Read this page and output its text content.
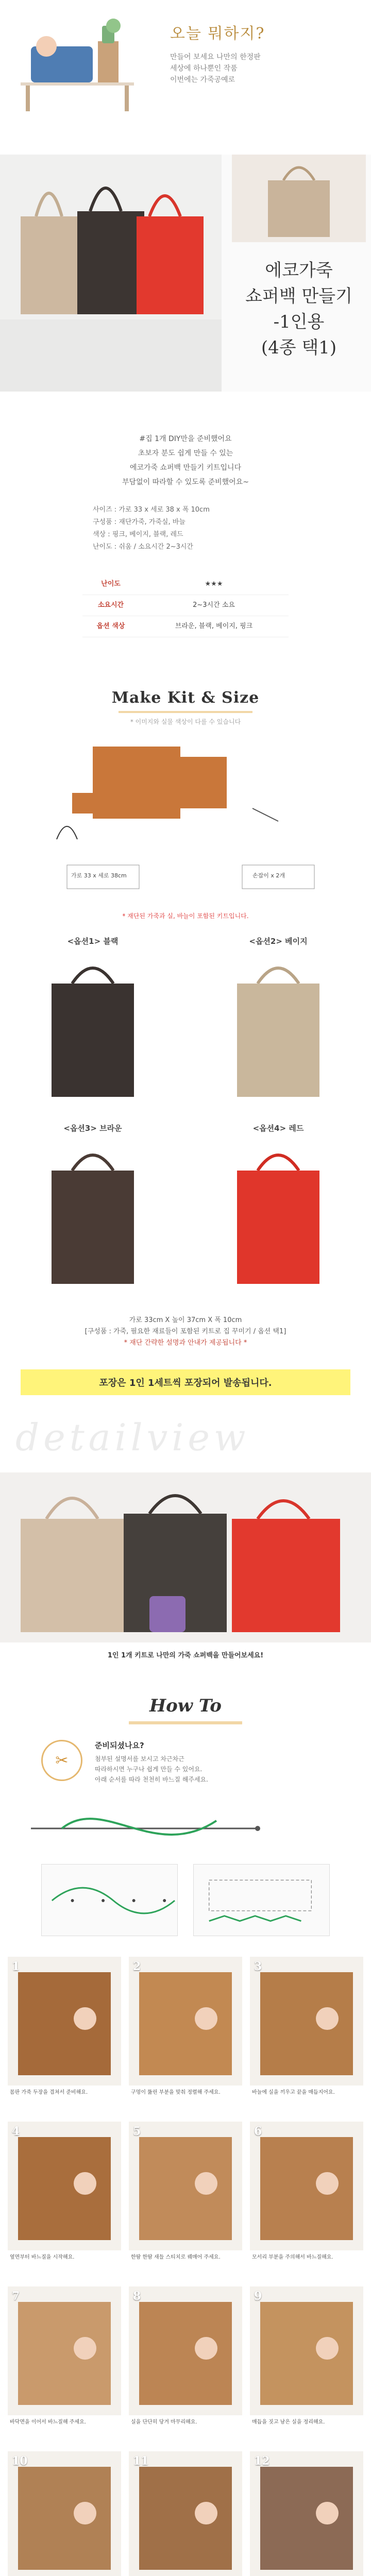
오늘 뭐하지?
만들어 보세요 나만의 한정판
세상에 하나뿐인 작품
이번에는 가죽공예로
에코가죽
쇼퍼백 만들기
-1인용
(4종 택1)

#집 1개 DIY만을 준비했어요

초보자 분도 쉽게 만들 수 있는

에코가죽 쇼퍼백 만들기 키트입니다

부담없이 따라할 수 있도록 준비했어요~

사이즈 : 가로 33 x 세로 38 x 폭 10cm
구성품 : 재단가죽, 가죽실, 바늘
색상 : 핑크, 베이지, 블랙, 레드
난이도 : 쉬움 / 소요시간 2~3시간
난이도	★★★
소요시간	2~3시간 소요
옵션 색상	브라운, 블랙, 베이지, 핑크
Make Kit & Size
* 이미지와 실물 색상이 다를 수 있습니다
가로 33 x 세로 38cm	손잡이 x 2개
* 재단된 가죽과 실, 바늘이 포함된 키트입니다.
<옵션1> 블랙	<옵션2> 베이지
<옵션3> 브라운	<옵션4> 레드
가로 33cm X 높이 37cm X 폭 10cm
[구성품 : 가죽, 필요한 재료들이 포함된 키트로 집 꾸미기 / 옵션 택1]
* 재단 간략한 설명과 안내가 제공됩니다 *
포장은 1인 1세트씩 포장되어 발송됩니다.
detailview
1인 1개 키트로 나만의 가죽 쇼퍼백을 만들어보세요!
How To
✂
준비되셨나요?

첨부된 설명서를 보시고 차근차근

따라하시면 누구나 쉽게 만들 수 있어요.

아래 순서를 따라 천천히 바느질 해주세요.

1
몸판 가죽 두장을 겹쳐서 준비해요.
2
구멍이 뚫린 부분을 맞춰 정렬해 주세요.
3
바늘에 실을 끼우고 끝을 매듭지어요.
4
옆면부터 바느질을 시작해요.
5
한땀 한땀 새들 스티치로 꿰매어 주세요.
6
모서리 부분을 주의해서 바느질해요.
7
바닥면을 이어서 바느질해 주세요.
8
실을 단단히 당겨 마무리해요.
9
매듭을 짓고 남은 실을 정리해요.
10	11	12
